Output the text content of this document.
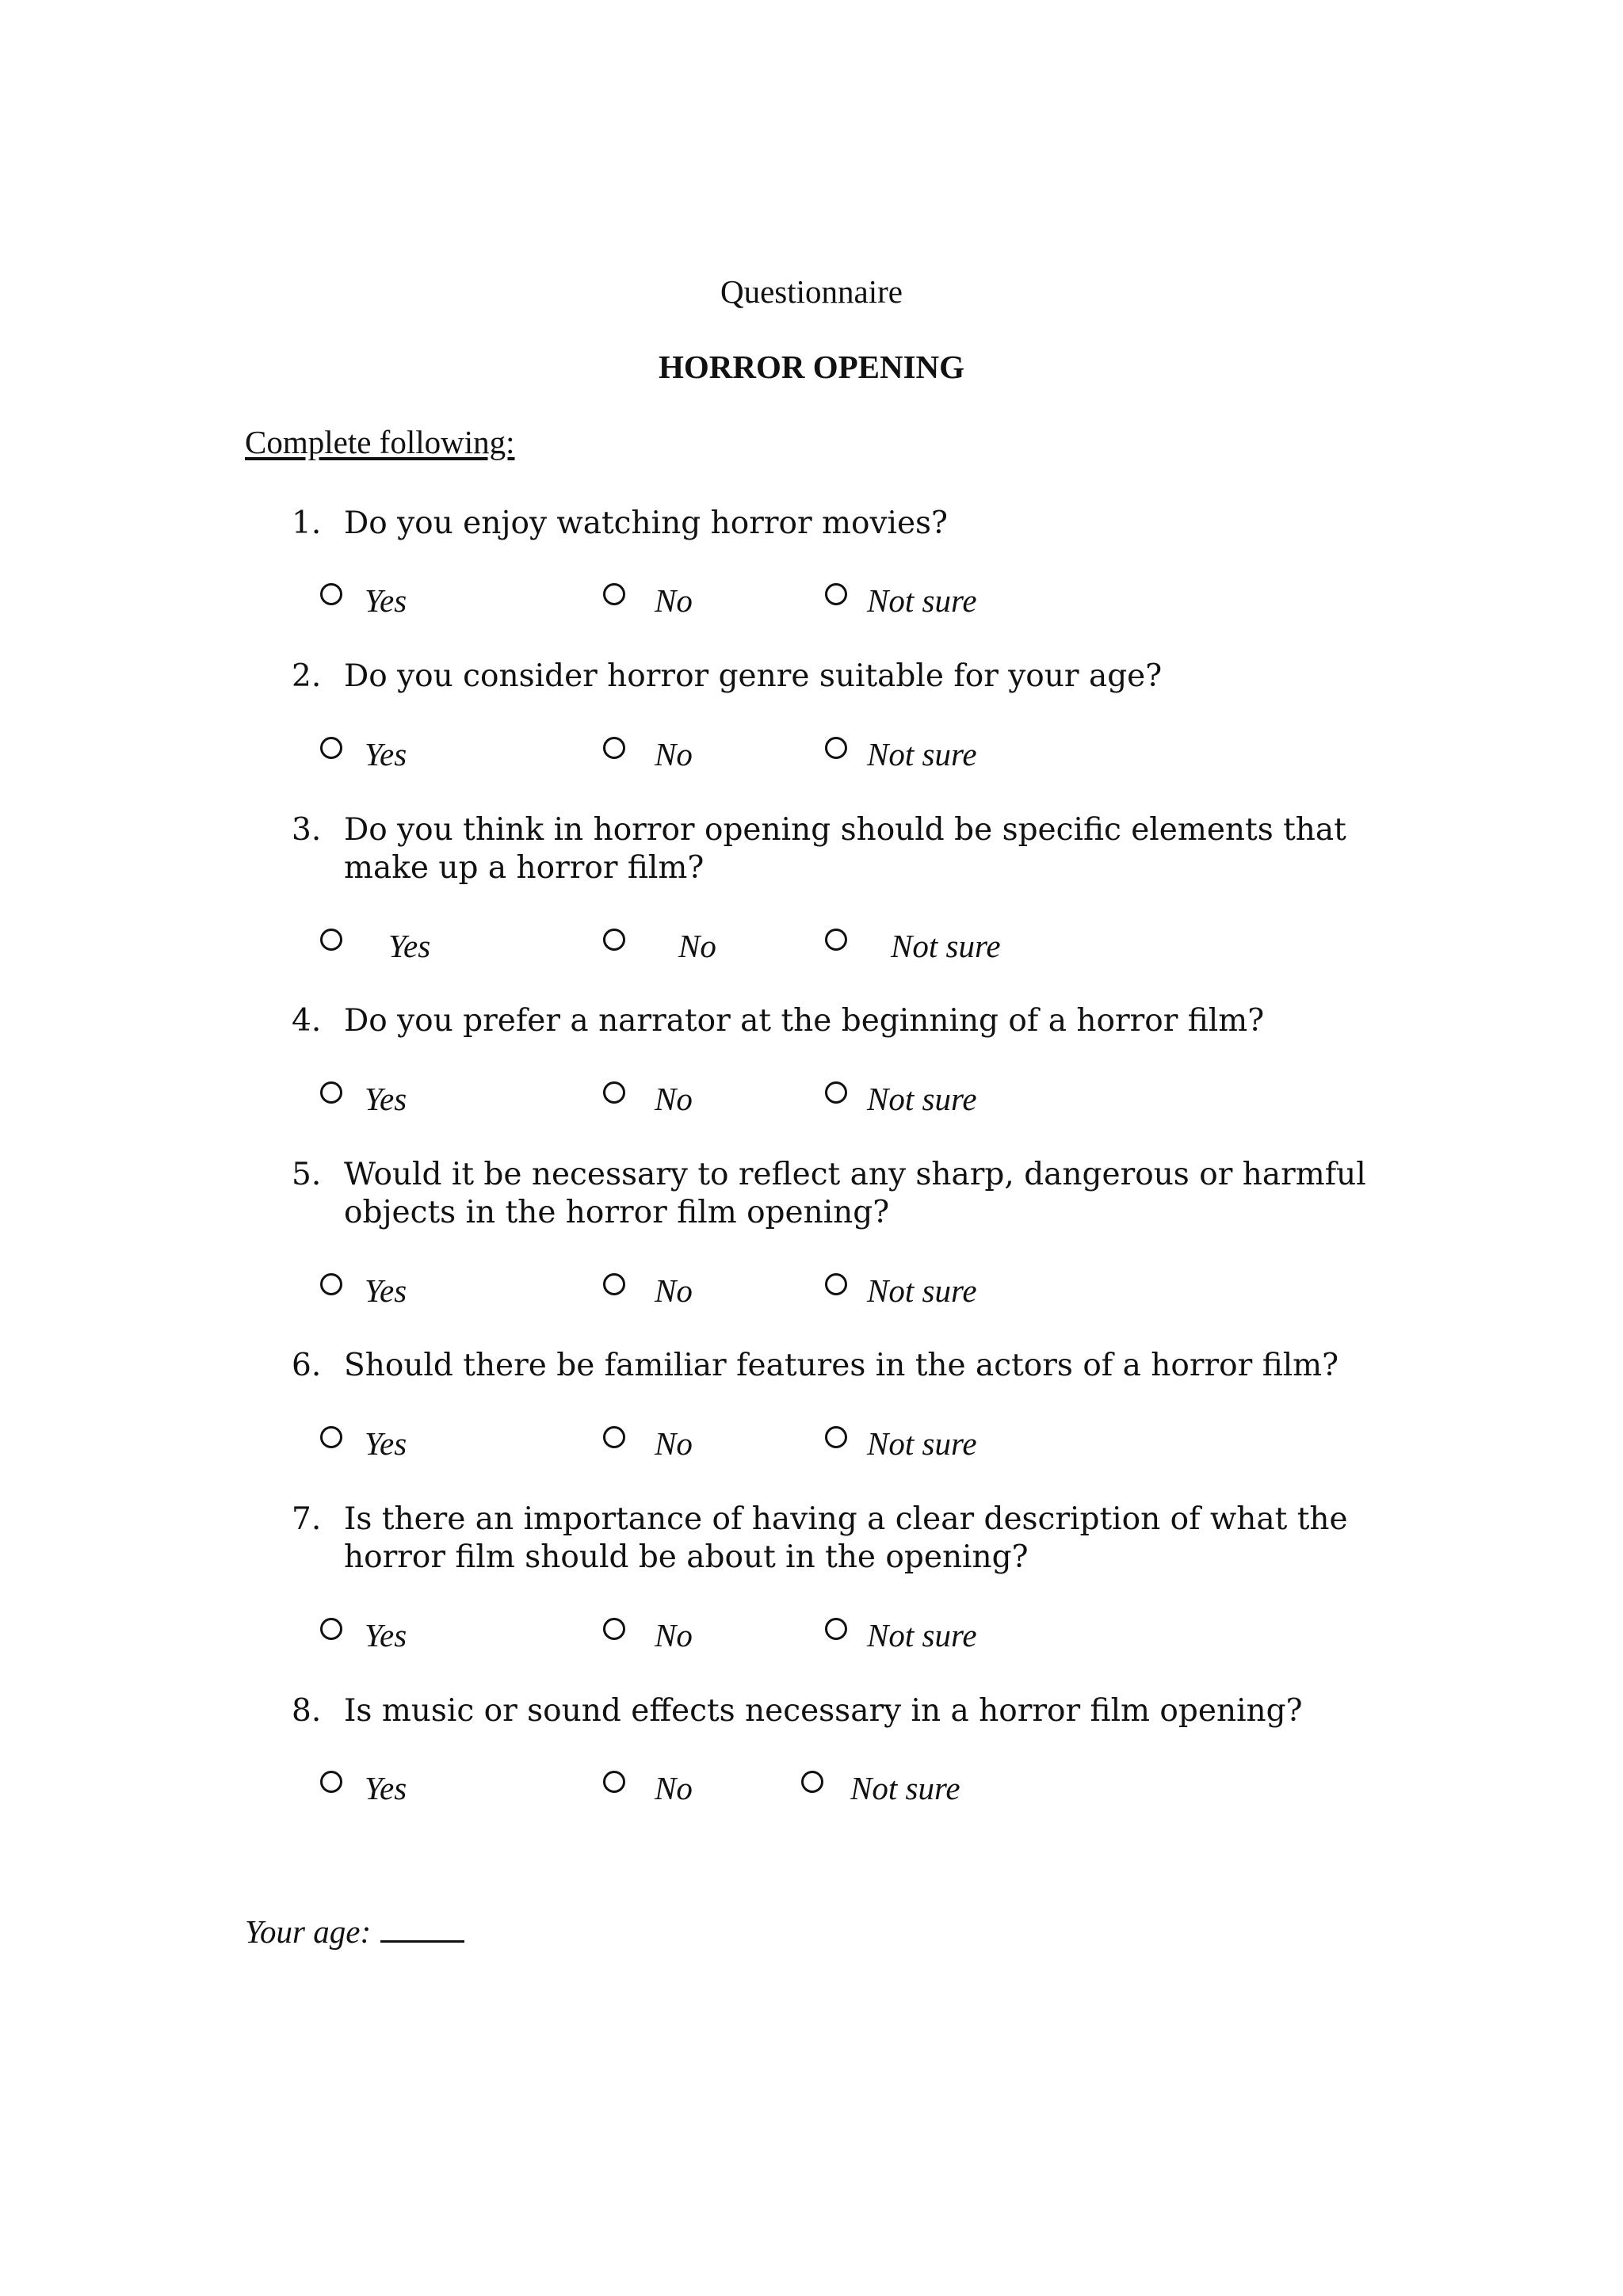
Questionnaire
HORROR OPENING
Complete following:
1. Do you enjoy watching horror movies?
Yes	No	Not sure
2. Do you consider horror genre suitable for your age?
Yes	No	Not sure
3. Do you think in horror opening should be specific elements that make up a horror film?
Yes	No	Not sure
4. Do you prefer a narrator at the beginning of a horror film?
Yes	No	Not sure
5. Would it be necessary to reflect any sharp, dangerous or harmful objects in the horror film opening?
Yes	No	Not sure
6. Should there be familiar features in the actors of a horror film?
Yes	No	Not sure
7. Is there an importance of having a clear description of what the horror film should be about in the opening?
Yes	No	Not sure
8. Is music or sound effects necessary in a horror film opening?
Yes	No	Not sure
Your age:
